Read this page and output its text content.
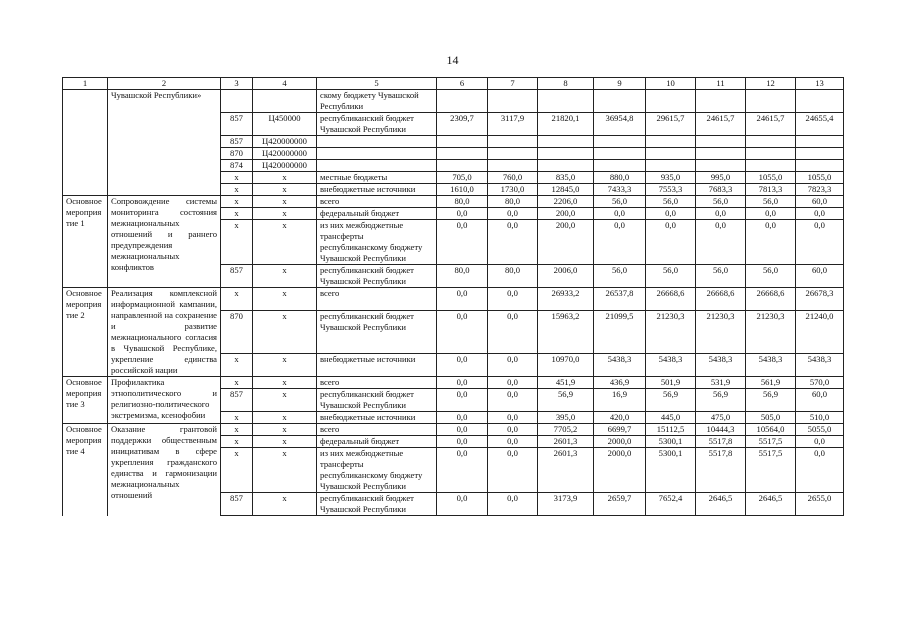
14
1	2	3	4	5	6	7	8	9	10	11	12	13
	Чувашской Республики»			скому бюджету Чувашской Республики								
		857	Ц450000	республиканский бюджет Чувашской Республики	2309,7	3117,9	21820,1	36954,8	29615,7	24615,7	24615,7	24655,4
		857	Ц420000000									
		870	Ц420000000									
		874	Ц420000000									
		х	х	местные бюджеты	705,0	760,0	835,0	880,0	935,0	995,0	1055,0	1055,0
		х	х	внебюджетные источники	1610,0	1730,0	12845,0	7433,3	7553,3	7683,3	7813,3	7823,3
Основное мероприятие 1	Сопровождение системы мониторинга состояния межнациональных отношений и раннего предупреждения межнациональных конфликтов	х	х	всего	80,0	80,0	2206,0	56,0	56,0	56,0	56,0	60,0
		х	х	федеральный бюджет	0,0	0,0	200,0	0,0	0,0	0,0	0,0	0,0
		х	х	из них межбюджетные трансферты республиканскому бюджету Чувашской Республики	0,0	0,0	200,0	0,0	0,0	0,0	0,0	0,0
		857	х	республиканский бюджет Чувашской Республики	80,0	80,0	2006,0	56,0	56,0	56,0	56,0	60,0
Основное мероприятие 2	Реализация комплексной информационной кампании, направленной на сохранение и развитие межнационального согласия в Чувашской Республике, укрепление единства российской нации	х	х	всего	0,0	0,0	26933,2	26537,8	26668,6	26668,6	26668,6	26678,3
		870	х	республиканский бюджет Чувашской Республики	0,0	0,0	15963,2	21099,5	21230,3	21230,3	21230,3	21240,0
		х	х	внебюджетные источники	0,0	0,0	10970,0	5438,3	5438,3	5438,3	5438,3	5438,3
Основное мероприятие 3	Профилактика этнополитического и религиозно-политического экстремизма, ксенофобии	х	х	всего	0,0	0,0	451,9	436,9	501,9	531,9	561,9	570,0
		857	х	республиканский бюджет Чувашской Республики	0,0	0,0	56,9	16,9	56,9	56,9	56,9	60,0
		х	х	внебюджетные источники	0,0	0,0	395,0	420,0	445,0	475,0	505,0	510,0
Основное мероприятие 4	Оказание грантовой поддержки общественным инициативам в сфере укрепления гражданского единства и гармонизации межнациональных отношений	х	х	всего	0,0	0,0	7705,2	6699,7	15112,5	10444,3	10564,0	5055,0
		х	х	федеральный бюджет	0,0	0,0	2601,3	2000,0	5300,1	5517,8	5517,5	0,0
		х	х	из них межбюджетные трансферты республиканскому бюджету Чувашской Республики	0,0	0,0	2601,3	2000,0	5300,1	5517,8	5517,5	0,0
		857	х	республиканский бюджет Чувашской Республики	0,0	0,0	3173,9	2659,7	7652,4	2646,5	2646,5	2655,0
